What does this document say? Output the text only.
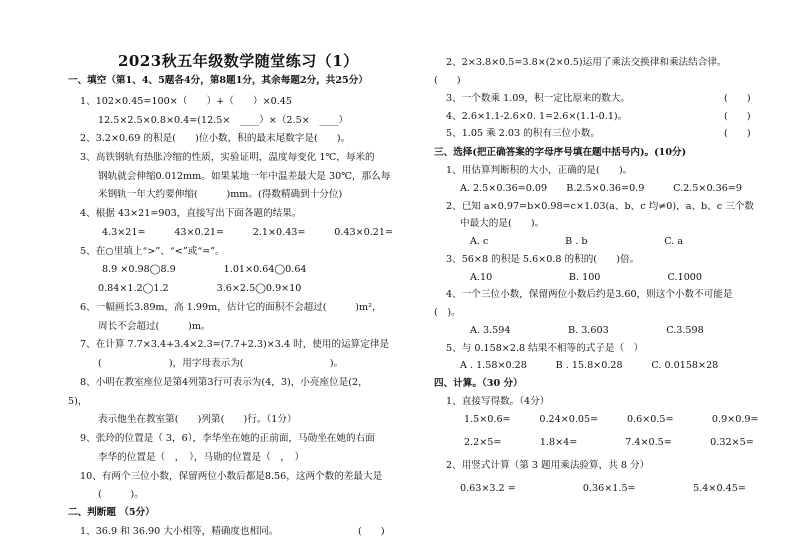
2023秋五年级数学随堂练习（1）
一、填空（第1、4、5题各4分，第8题1分，其余每题2分，共25分）
1、102×0.45=100×（　　）+（　　）×0.45
12.5×2.5×0.8×0.4=(12.5×　____）×（2.5×　____）
2、3.2×0.69 的积是(　　)位小数，积的最末尾数字是(　　)。
3、高铁钢轨有热胀冷缩的性质，实验证明，温度每变化 1℃，每米的
钢轨就会伸缩0.012mm。如果某地一年中温差最大是 30℃，那么每
米钢轨一年大约要伸缩(　　　)mm。(得数精确到十分位)
4、根据 43×21=903，直接写出下面各题的结果。
4.3×21=　　　43×0.21=　　　2.1×0.43=　　　0.43×0.21=
5、在○里填上“>”、“<”或“=”。
8.9 ×0.98◯8.9　　　　　1.01×0.64◯0.64
0.84×1.2◯1.2　　　　　3.6×2.5◯0.9×10
6、一幅画长3.89m，高 1.99m，估计它的面积不会超过(　　　)m²，
周长不会超过(　　　)m。
7、在计算 7.7×3.4+3.4×2.3=(7.7+2.3)×3.4 时，使用的运算定律是
(　　　　　　　)，用字母表示为(　　　　　　　　　)。
8、小明在教室座位是第4列第3行可表示为(4，3)，小亮座位是(2，
5)，
表示他坐在教室第(　　)列第(　　)行。（1分）
9、张玲的位置是（ 3，6），李华坐在她的正前面，马勋坐在她的右面
李华的位置是（　，　），马勋的位置是（　，　）
10、有两个三位小数，保留两位小数后都是8.56，这两个数的差最大是
(　　　)。
二、判断题 （5分）
1、36.9 和 36.90 大小相等，精确度也相同。	(　　)
2、2×3.8×0.5=3.8×(2×0.5)运用了乘法交换律和乘法结合律。
(　　)
3、一个数乘 1.09，积一定比原来的数大。
4、2.6×1.1-2.6×0. 1=2.6×(1.1-0.1)。
5、1.05 乘 2.03 的积有三位小数。
三、选择(把正确答案的字母序号填在题中括号内)。(10分)
1、用估算判断积的大小，正确的是(　　)。
A. 2.5×0.36=0.09　　B.2.5×0.36=0.9　　　C.2.5×0.36=9
2、已知 a×0.97=b×0.98=c×1.03(a、b、c 均≠0)，a、b、c 三个数
中最大的是(　　)。
A. c　　　　　　　　B . b　　　　　　　　C. a
3、56×8 的积是 5.6×0.8 的积的(　　)倍。
A.10　　　　　　　　B. 100　　　　　　　C.1000
4、一个三位小数，保留两位小数后约是3.60，则这个小数不可能是
(　)。
A. 3.594　　　　　　B. 3.603　　　　　　C.3.598
5、与 0.158×2.8 结果不相等的式子是（　）
A . 1.58×0.28　　　B . 15.8×0.28　　　C. 0.0158×28
四、计算。（30 分）
1、直接写得数。（4分）
1.5×0.6=　　　0.24×0.05=　　　0.6×0.5=　　　　0.9×0.9=
2.2×5=　　　　1.8×4=　　　　　7.4×0.5=　　　　0.32×5=
2、用竖式计算（第 3 题用乘法验算，共 8 分）
0.63×3.2 =　　　　　　　0.36×1.5=　　　　　　5.4×0.45=
(　　)
(　　)
(　　)
